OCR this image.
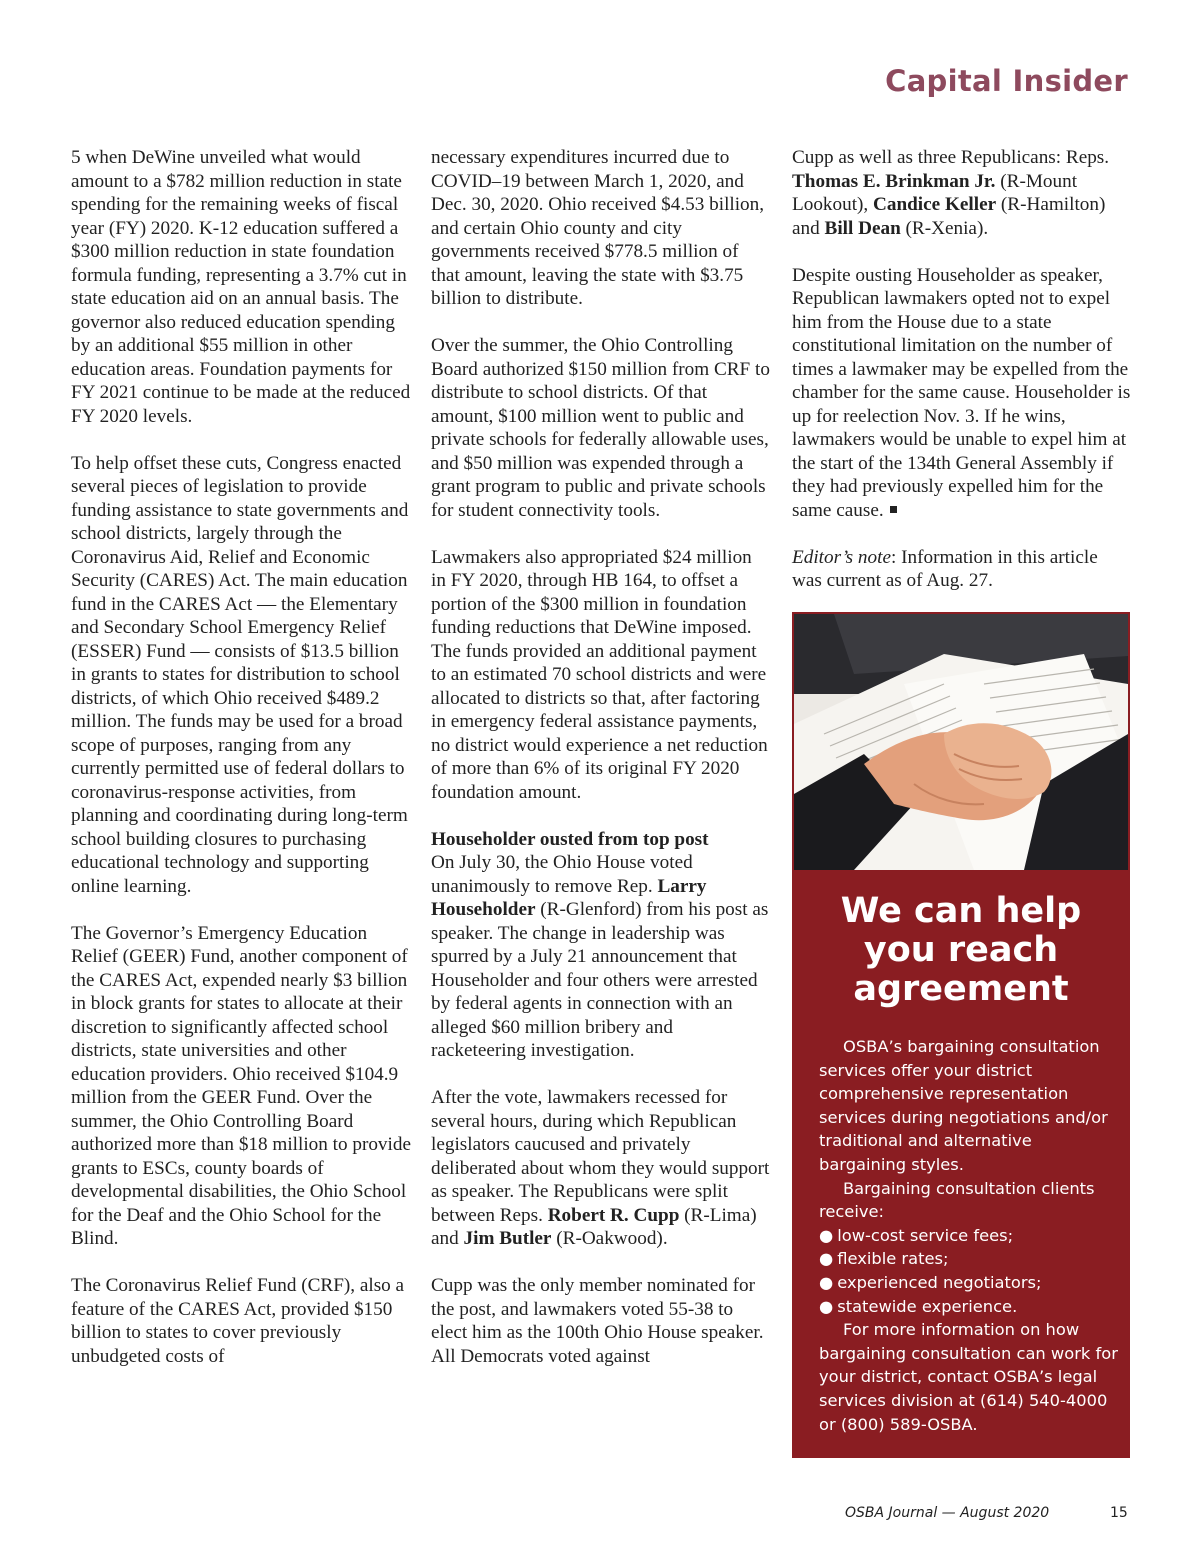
Capital Insider

5 when DeWine unveiled what would amount to a $782 million reduction in state spending for the remaining weeks of fiscal year (FY) 2020. K-12 education suffered a $300 million reduction in state foundation formula funding, representing a 3.7% cut in state education aid on an annual basis. The governor also reduced education spending by an additional $55 million in other education areas. Foundation payments for FY 2021 continue to be made at the reduced FY 2020 levels.

To help offset these cuts, Congress enacted several pieces of legislation to provide funding assistance to state governments and school districts, largely through the Coronavirus Aid, Relief and Economic Security (CARES) Act. The main education fund in the CARES Act — the Elementary and Secondary School Emergency Relief (ESSER) Fund — consists of $13.5 billion in grants to states for distribution to school districts, of which Ohio received $489.2 million. The funds may be used for a broad scope of purposes, ranging from any currently permitted use of federal dollars to coronavirus-response activities, from planning and coordinating during long-term school building closures to purchasing educational technology and supporting online learning.

The Governor’s Emergency Education Relief (GEER) Fund, another component of the CARES Act, expended nearly $3 billion in block grants for states to allocate at their discretion to significantly affected school districts, state universities and other education providers. Ohio received $104.9 million from the GEER Fund. Over the summer, the Ohio Controlling Board authorized more than $18 million to provide grants to ESCs, county boards of developmental disabilities, the Ohio School for the Deaf and the Ohio School for the Blind.

The Coronavirus Relief Fund (CRF), also a feature of the CARES Act, provided $150 billion to states to cover previously unbudgeted costs of

necessary expenditures incurred due to COVID–19 between March 1, 2020, and Dec. 30, 2020. Ohio received $4.53 billion, and certain Ohio county and city governments received $778.5 million of that amount, leaving the state with $3.75 billion to distribute.

Over the summer, the Ohio Controlling Board authorized $150 million from CRF to distribute to school districts. Of that amount, $100 million went to public and private schools for federally allowable uses, and $50 million was expended through a grant program to public and private schools for student connectivity tools.

Lawmakers also appropriated $24 million in FY 2020, through HB 164, to offset a portion of the $300 million in foundation funding reductions that DeWine imposed. The funds provided an additional payment to an estimated 70 school districts and were allocated to districts so that, after factoring in emergency federal assistance payments, no district would experience a net reduction of more than 6% of its original FY 2020 foundation amount.

Householder ousted from top post
On July 30, the Ohio House voted unanimously to remove Rep. Larry Householder (R-Glenford) from his post as speaker. The change in leadership was spurred by a July 21 announcement that Householder and four others were arrested by federal agents in connection with an alleged $60 million bribery and racketeering investigation.

After the vote, lawmakers recessed for several hours, during which Republican legislators caucused and privately deliberated about whom they would support as speaker. The Republicans were split between Reps. Robert R. Cupp (R-Lima) and Jim Butler (R-Oakwood).

Cupp was the only member nominated for the post, and lawmakers voted 55-38 to elect him as the 100th Ohio House speaker. All Democrats voted against

Cupp as well as three Republicans: Reps. Thomas E. Brinkman Jr. (R-Mount Lookout), Candice Keller (R-Hamilton) and Bill Dean (R-Xenia).

Despite ousting Householder as speaker, Republican lawmakers opted not to expel him from the House due to a state constitutional limitation on the number of times a lawmaker may be expelled from the chamber for the same cause. Householder is up for reelection Nov. 3. If he wins, lawmakers would be unable to expel him at the start of the 134th General Assembly if they had previously expelled him for the same cause.

Editor’s note: Information in this article was current as of Aug. 27.

We can help
you reach
agreement
OSBA’s bargaining consultation services offer your district comprehensive representation services during negotiations and/or traditional and alternative bargaining styles.
Bargaining consultation clients receive:
● low-cost service fees;
● flexible rates;
● experienced negotiators;
● statewide experience.
For more information on how bargaining consultation can work for your district, contact OSBA’s legal services division at (614) 540-4000 or (800) 589-OSBA.
OSBA Journal — August 2020	15
